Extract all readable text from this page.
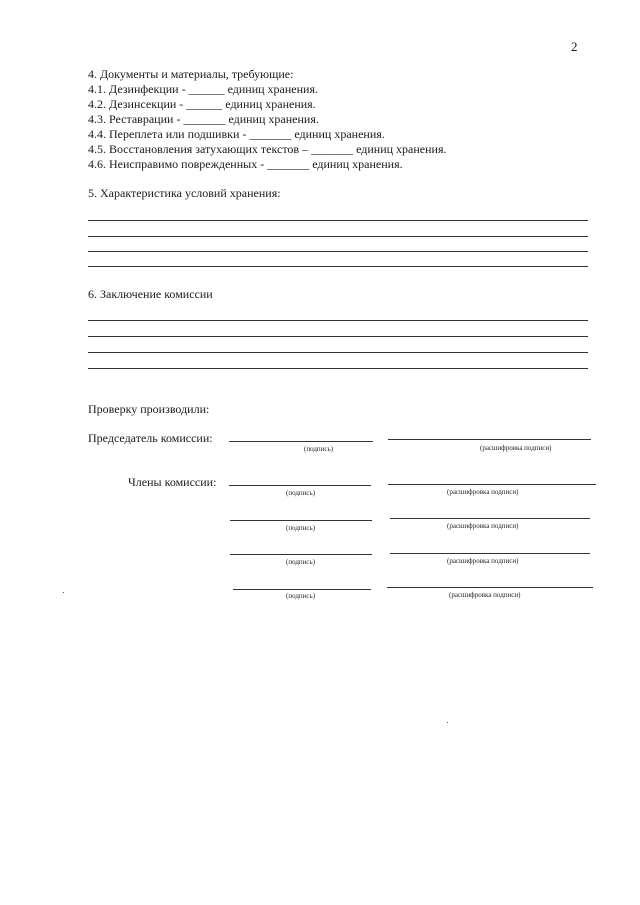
2
4. Документы и материалы, требующие:
4.1. Дезинфекции - ______ единиц хранения.
4.2. Дезинсекции - ______ единиц хранения.
4.3. Реставрации - _______ единиц хранения.
4.4. Переплета или подшивки - _______ единиц хранения.
4.5. Восстановления затухающих текстов – _______ единиц хранения.
4.6. Неисправимо поврежденных - _______ единиц хранения.
5. Характеристика условий хранения:
6. Заключение комиссии
Проверку производили:
Председатель комиссии:
(подпись)	(расшифровка подписи)
Члены комиссии:
(подпись)	(расшифровка подписи)
(подпись)	(расшифровка подписи)
(подпись)	(расшифровка подписи)
(подпись)	(расшифровка подписи)
